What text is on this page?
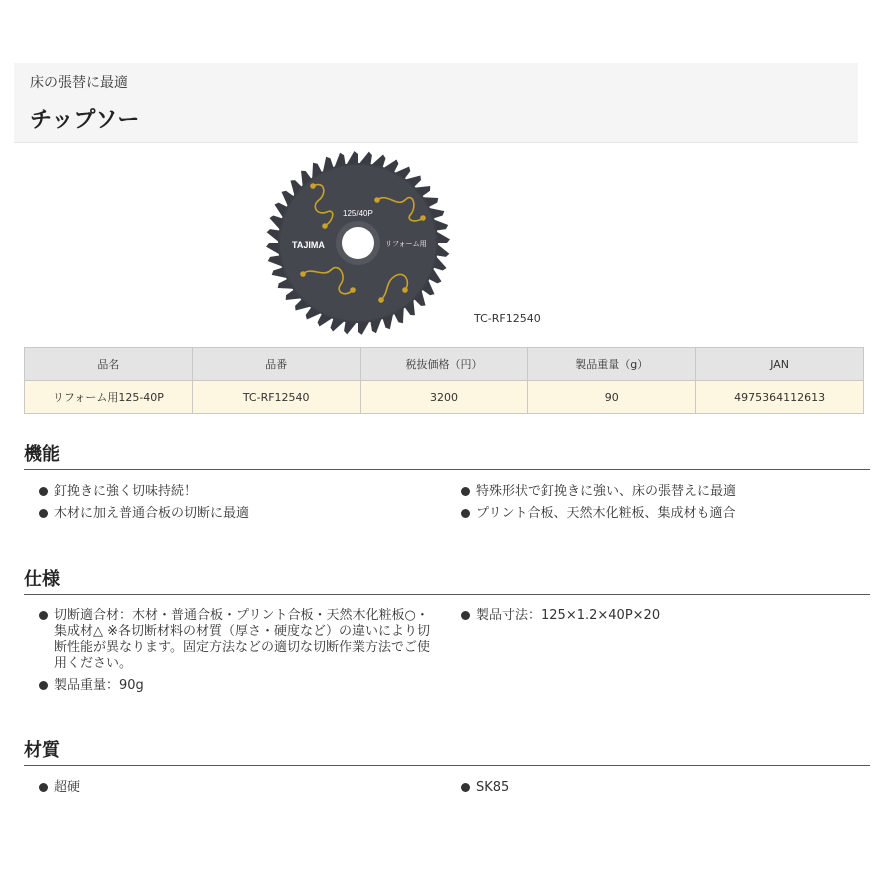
床の張替に最適
チップソー
TAJIMA
125/40P
リフォーム用
TC-RF12540
品名	品番	税抜価格（円）	製品重量（g）	JAN
リフォーム用125-40P	TC-RF12540	3200	90	4975364112613
機能
釘挽きに強く切味持続！
木材に加え普通合板の切断に最適
特殊形状で釘挽きに強い、床の張替えに最適
プリント合板、天然木化粧板、集成材も適合
仕様
切断適合材：木材・普通合板・プリント合板・天然木化粧板○・集成材△ ※各切断材料の材質（厚さ・硬度など）の違いにより切断性能が異なります。固定方法などの適切な切断作業方法でご使用ください。
製品重量：90g
製品寸法：125×1.2×40P×20
材質
超硬	SK85
